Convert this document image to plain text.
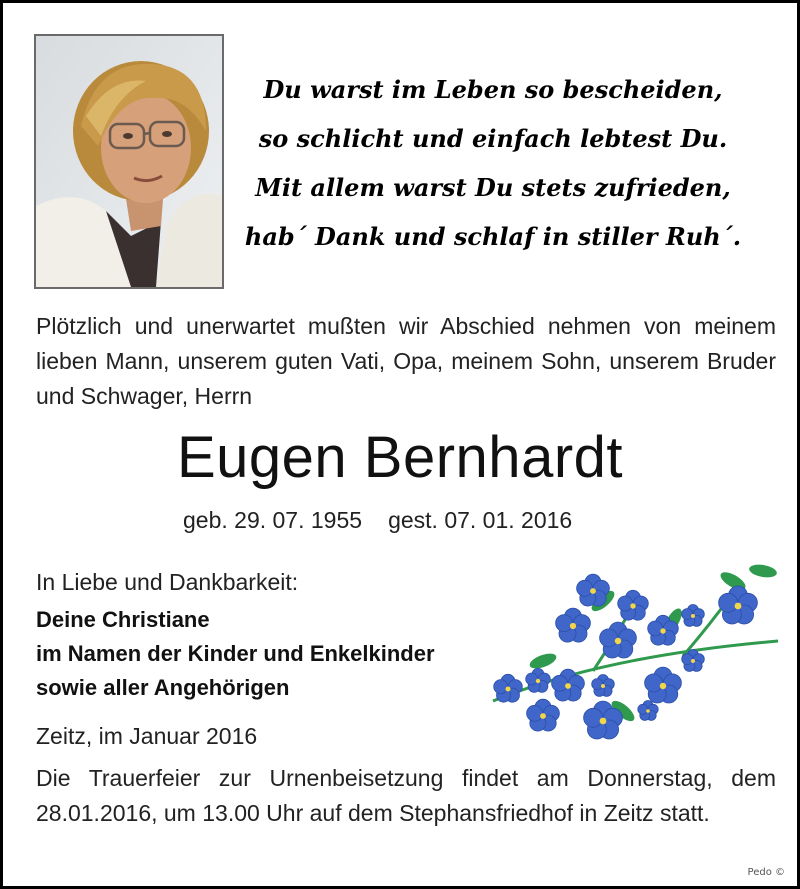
Du warst im Leben so bescheiden,
so schlicht und einfach lebtest Du.
Mit allem warst Du stets zufrieden,
hab´ Dank und schlaf in stiller Ruh´.
Plötzlich und unerwartet mußten wir Abschied nehmen von meinem lieben Mann, unserem guten Vati, Opa, meinem Sohn, unserem Bruder und Schwager, Herrn
Eugen Bernhardt
geb. 29. 07. 1955 gest. 07. 01. 2016
In Liebe und Dankbarkeit:
Deine Christiane
im Namen der Kinder und Enkelkinder
sowie aller Angehörigen
Zeitz, im Januar 2016
Die Trauerfeier zur Urnenbeisetzung findet am Donnerstag, dem 28.01.2016, um 13.00 Uhr auf dem Stephansfriedhof in Zeitz statt.
Pedo ©
